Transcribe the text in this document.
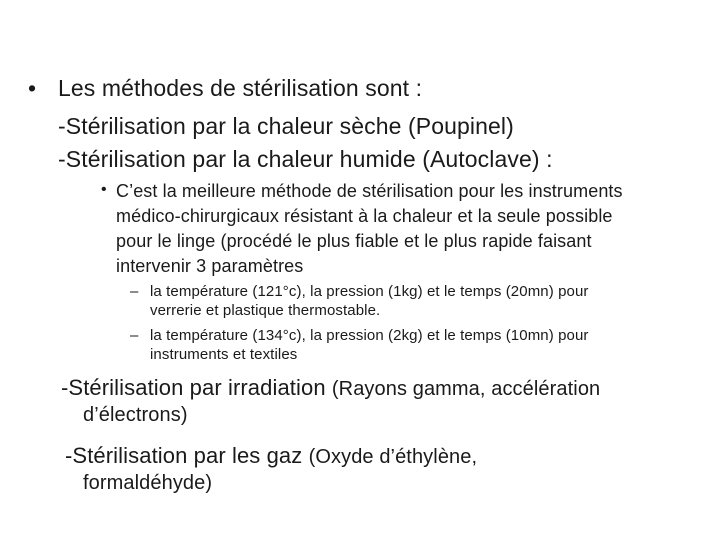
• Les méthodes de stérilisation sont :
-Stérilisation par la chaleur sèche (Poupinel)
-Stérilisation par la chaleur humide (Autoclave) :
• C’est la meilleure méthode de stérilisation pour les instruments
médico-chirurgicaux résistant à la chaleur et la seule possible
pour le linge (procédé le plus fiable et le plus rapide faisant
intervenir 3 paramètres
– la température (121°c), la pression (1kg) et le temps (20mn) pour
verrerie et plastique thermostable.
– la température (134°c), la pression (2kg) et le temps (10mn) pour
instruments et textiles
-Stérilisation par irradiation (Rayons gamma, accélération
d’électrons)
-Stérilisation par les gaz (Oxyde d’éthylène,
formaldéhyde)
